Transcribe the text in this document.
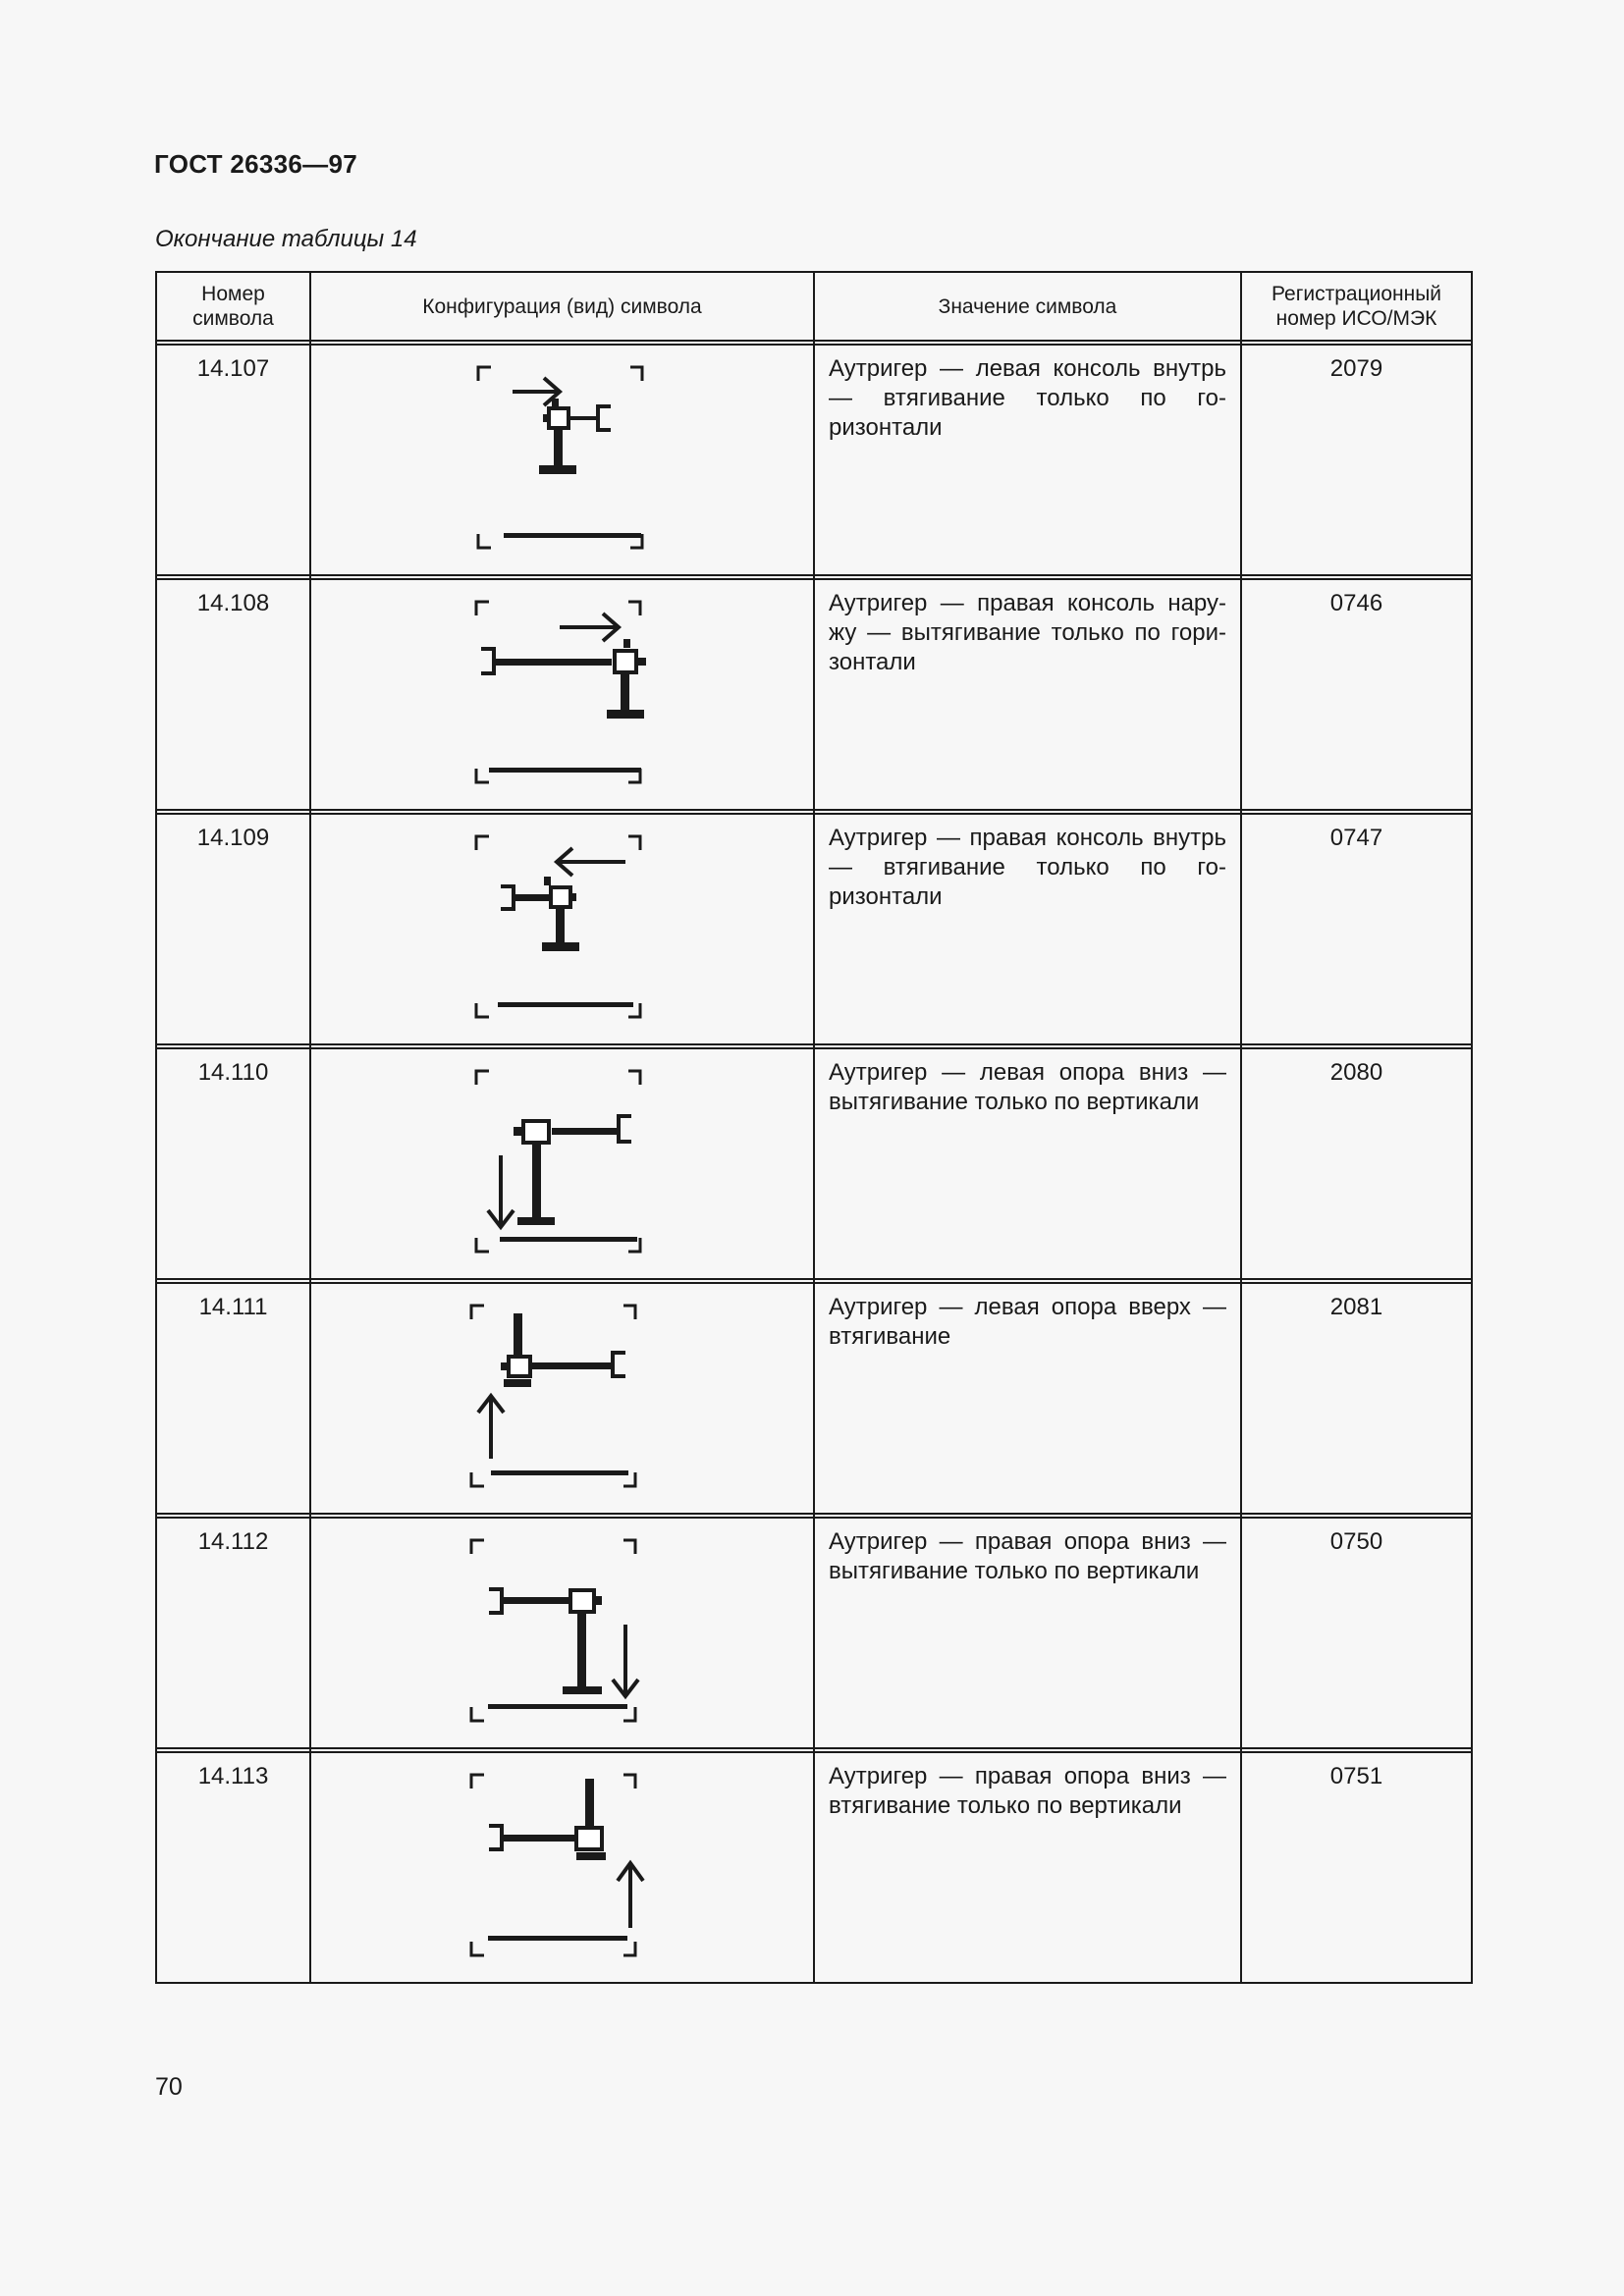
ГОСТ 26336—97
Окончание таблицы 14
Номер
символа	Конфигурация (вид) символа	Значение символа	Регистрационный
номер ИСО/МЭК

14.107		Аутригер — левая консоль внутрь — втягивание только по го-ризонтали	2079

14.108		Аутригер — правая консоль нару-жу — вытягивание только по гори-зонтали	0746

14.109		Аутригер — правая консоль внутрь — втягивание только по го-ризонтали	0747

14.110		Аутригер — левая опора вниз — вытягивание только по вертикали	2080

14.111		Аутригер — левая опора вверх — втягивание	2081

14.112		Аутригер — правая опора вниз — вытягивание только по вертикали	0750

14.113		Аутригер — правая опора вниз — втягивание только по вертикали	0751
70
